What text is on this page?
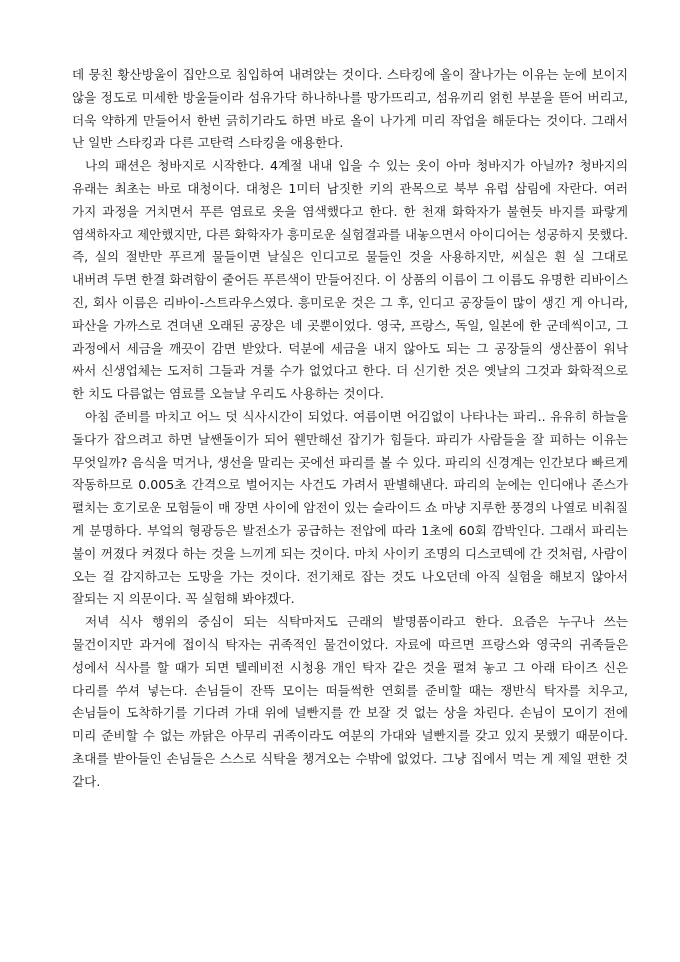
데 뭉친 황산방울이 집안으로 침입하여 내려앉는 것이다. 스타킹에 올이 잘나가는 이유는 눈에 보이지 않을 정도로 미세한 방울들이라 섬유가닥 하나하나를 망가뜨리고, 섬유끼리 얽힌 부분을 뜯어 버리고, 더욱 약하게 만들어서 한번 긁히기라도 하면 바로 올이 나가게 미리 작업을 해둔다는 것이다. 그래서 난 일반 스타킹과 다른 고탄력 스타킹을 애용한다.

나의 패션은 청바지로 시작한다. 4계절 내내 입을 수 있는 옷이 아마 청바지가 아닐까? 청바지의 유래는 최초는 바로 대청이다. 대청은 1미터 남짓한 키의 관목으로 북부 유럽 삼림에 자란다. 여러 가지 과정을 거치면서 푸른 염료로 옷을 염색했다고 한다. 한 천재 화학자가 불현듯 바지를 파랗게 염색하자고 제안했지만, 다른 화학자가 흥미로운 실험결과를 내놓으면서 아이디어는 성공하지 못했다. 즉, 실의 절반만 푸르게 물들이면 날실은 인디고로 물들인 것을 사용하지만, 씨실은 흰 실 그대로 내버려 두면 한결 화려함이 줄어든 푸른색이 만들어진다. 이 상품의 이름이 그 이름도 유명한 리바이스 진, 회사 이름은 리바이-스트라우스였다. 흥미로운 것은 그 후, 인디고 공장들이 많이 생긴 게 아니라, 파산을 가까스로 견뎌낸 오래된 공장은 네 곳뿐이었다. 영국, 프랑스, 독일, 일본에 한 군데씩이고, 그 과정에서 세금을 깨끗이 감면 받았다. 덕분에 세금을 내지 않아도 되는 그 공장들의 생산품이 워낙 싸서 신생업체는 도저히 그들과 겨룰 수가 없었다고 한다. 더 신기한 것은 옛날의 그것과 화학적으로 한 치도 다름없는 염료를 오늘날 우리도 사용하는 것이다.

아침 준비를 마치고 어느 덧 식사시간이 되었다. 여름이면 어김없이 나타나는 파리.. 유유히 하늘을 돌다가 잡으려고 하면 날쌘돌이가 되어 웬만해선 잡기가 힘들다. 파리가 사람들을 잘 피하는 이유는 무엇일까? 음식을 먹거나, 생선을 말리는 곳에선 파리를 볼 수 있다. 파리의 신경계는 인간보다 빠르게 작동하므로 0.005초 간격으로 벌어지는 사건도 가려서 판별해낸다. 파리의 눈에는 인디애나 존스가 펼치는 호기로운 모험들이 매 장면 사이에 암전이 있는 슬라이드 쇼 마냥 지루한 풍경의 나열로 비춰질 게 분명하다. 부엌의 형광등은 발전소가 공급하는 전압에 따라 1초에 60회 깜박인다. 그래서 파리는 불이 꺼졌다 켜졌다 하는 것을 느끼게 되는 것이다. 마치 사이키 조명의 디스코텍에 간 것처럼, 사람이 오는 걸 감지하고는 도망을 가는 것이다. 전기채로 잡는 것도 나오던데 아직 실험을 해보지 않아서 잘되는 지 의문이다. 꼭 실험해 봐야겠다.

저녁 식사 행위의 중심이 되는 식탁마저도 근래의 발명품이라고 한다. 요즘은 누구나 쓰는 물건이지만 과거에 접이식 탁자는 귀족적인 물건이었다. 자료에 따르면 프랑스와 영국의 귀족들은 성에서 식사를 할 때가 되면 텔레비전 시청용 개인 탁자 같은 것을 펼쳐 놓고 그 아래 타이즈 신은 다리를 쑤셔 넣는다. 손님들이 잔뜩 모이는 떠들썩한 연회를 준비할 때는 쟁반식 탁자를 치우고, 손님들이 도착하기를 기다려 가대 위에 널빤지를 깐 보잘 것 없는 상을 차린다. 손님이 모이기 전에 미리 준비할 수 없는 까닭은 아무리 귀족이라도 여분의 가대와 널빤지를 갖고 있지 못했기 때문이다. 초대를 받아들인 손님들은 스스로 식탁을 챙겨오는 수밖에 없었다. 그냥 집에서 먹는 게 제일 편한 것 같다.
